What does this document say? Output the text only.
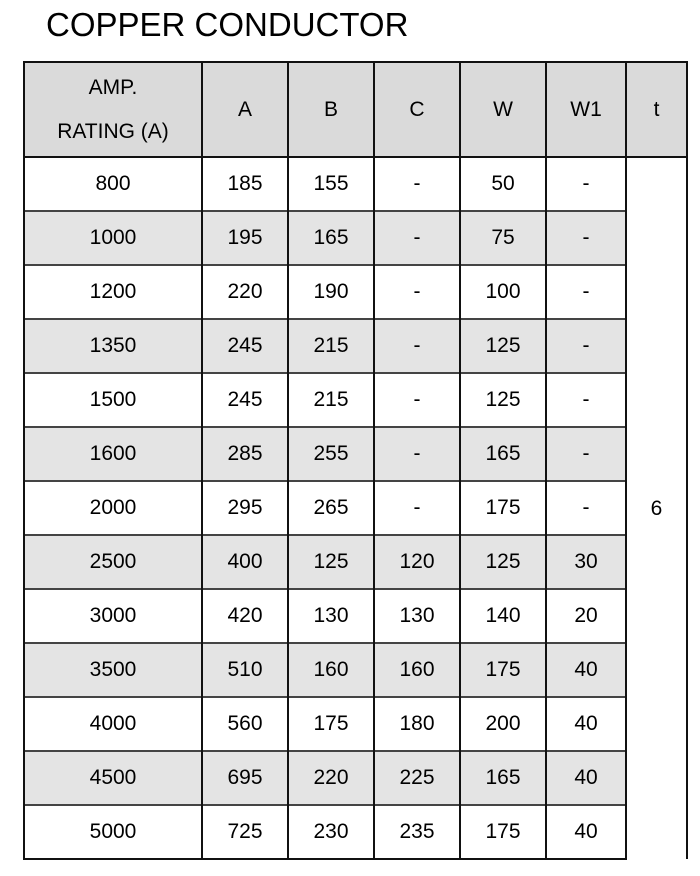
COPPER CONDUCTOR
AMP.
RATING (A)	A	B	C	W	W1	t
800	185	155	-	50	-	6
1000	195	165	-	75	-	
1200	220	190	-	100	-	
1350	245	215	-	125	-	
1500	245	215	-	125	-	
1600	285	255	-	165	-	
2000	295	265	-	175	-	
2500	400	125	120	125	30	
3000	420	130	130	140	20	
3500	510	160	160	175	40	
4000	560	175	180	200	40	
4500	695	220	225	165	40	
5000	725	230	235	175	40	
